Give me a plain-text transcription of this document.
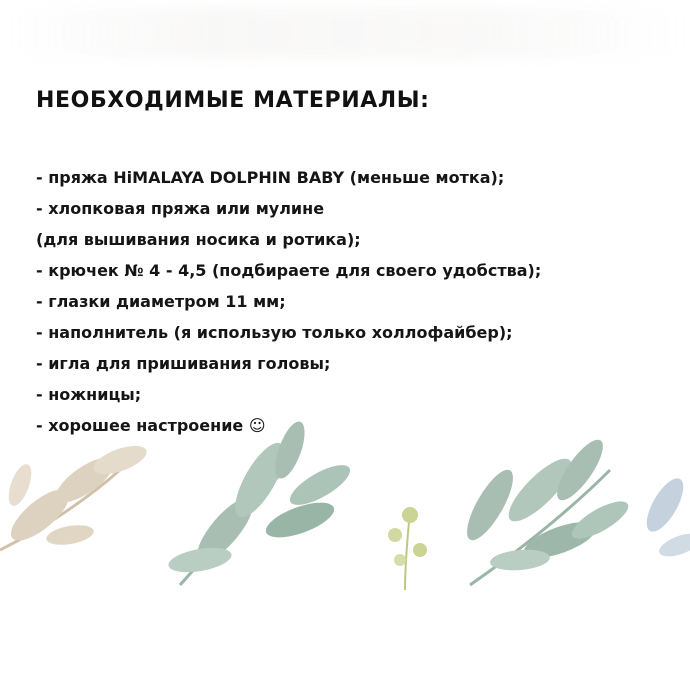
НЕОБХОДИМЫЕ МАТЕРИАЛЫ:
- пряжа HiMALAYA DOLPHIN BABY (меньше мотка);
- хлопковая пряжа или мулине
(для вышивания носика и ротика);
- крючек № 4 - 4,5 (подбираете для своего удобства);
- глазки диаметром 11 мм;
- наполнитель (я использую только холлофайбер);
- игла для пришивания головы;
- ножницы;
- хорошее настроение ☺
